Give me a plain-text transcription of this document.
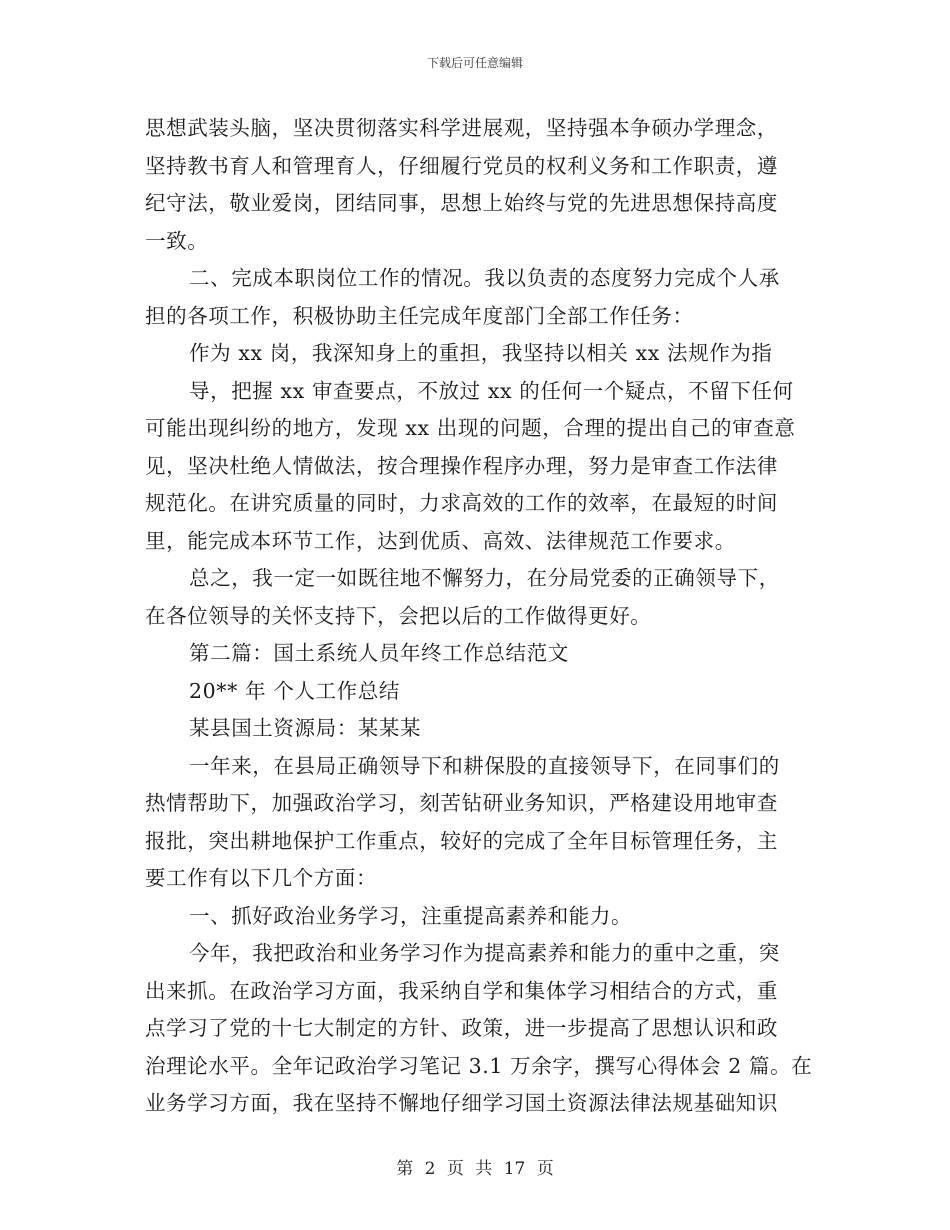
下载后可任意编辑
思想武装头脑，坚决贯彻落实科学进展观，坚持强本争硕办学理念，
坚持教书育人和管理育人，仔细履行党员的权利义务和工作职责，遵
纪守法，敬业爱岗，团结同事，思想上始终与党的先进思想保持高度
一致。
二、完成本职岗位工作的情况。我以负责的态度努力完成个人承
担的各项工作，积极协助主任完成年度部门全部工作任务：
作为 xx 岗，我深知身上的重担，我坚持以相关 xx 法规作为指
导，把握 xx 审查要点，不放过 xx 的任何一个疑点，不留下任何
可能出现纠纷的地方，发现 xx 出现的问题，合理的提出自己的审查意
见，坚决杜绝人情做法，按合理操作程序办理，努力是审查工作法律
规范化。在讲究质量的同时，力求高效的工作的效率，在最短的时间
里，能完成本环节工作，达到优质、高效、法律规范工作要求。
总之，我一定一如既往地不懈努力，在分局党委的正确领导下，
在各位领导的关怀支持下，会把以后的工作做得更好。
第二篇：国土系统人员年终工作总结范文
20** 年 个人工作总结
某县国土资源局：某某某
一年来，在县局正确领导下和耕保股的直接领导下，在同事们的
热情帮助下，加强政治学习，刻苦钻研业务知识，严格建设用地审查
报批，突出耕地保护工作重点，较好的完成了全年目标管理任务，主
要工作有以下几个方面：
一、抓好政治业务学习，注重提高素养和能力。
今年，我把政治和业务学习作为提高素养和能力的重中之重，突
出来抓。在政治学习方面，我采纳自学和集体学习相结合的方式，重
点学习了党的十七大制定的方针、政策，进一步提高了思想认识和政
治理论水平。全年记政治学习笔记 3.1 万余字，撰写心得体会 2 篇。在
业务学习方面，我在坚持不懈地仔细学习国土资源法律法规基础知识
第 2 页 共 17 页
